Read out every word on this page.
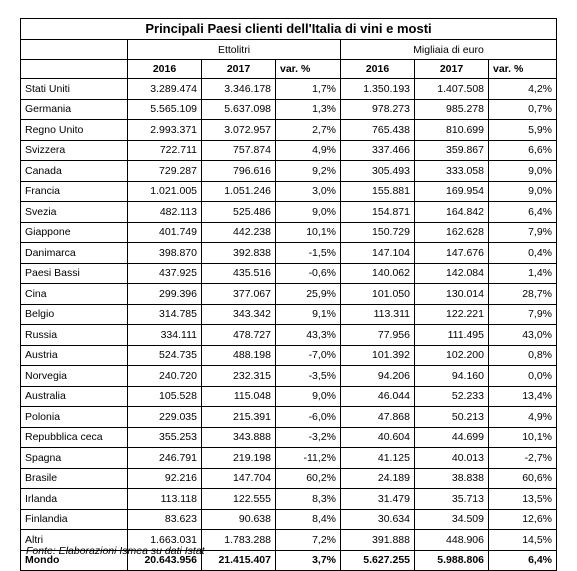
Principali Paesi clienti dell'Italia di vini e mosti						
	Ettolitri			Migliaia di euro		
	2016	2017	var. %	2016	2017	var. %
Stati Uniti	3.289.474	3.346.178	1,7%	1.350.193	1.407.508	4,2%
Germania	5.565.109	5.637.098	1,3%	978.273	985.278	0,7%
Regno Unito	2.993.371	3.072.957	2,7%	765.438	810.699	5,9%
Svizzera	722.711	757.874	4,9%	337.466	359.867	6,6%
Canada	729.287	796.616	9,2%	305.493	333.058	9,0%
Francia	1.021.005	1.051.246	3,0%	155.881	169.954	9,0%
Svezia	482.113	525.486	9,0%	154.871	164.842	6,4%
Giappone	401.749	442.238	10,1%	150.729	162.628	7,9%
Danimarca	398.870	392.838	-1,5%	147.104	147.676	0,4%
Paesi Bassi	437.925	435.516	-0,6%	140.062	142.084	1,4%
Cina	299.396	377.067	25,9%	101.050	130.014	28,7%
Belgio	314.785	343.342	9,1%	113.311	122.221	7,9%
Russia	334.111	478.727	43,3%	77.956	111.495	43,0%
Austria	524.735	488.198	-7,0%	101.392	102.200	0,8%
Norvegia	240.720	232.315	-3,5%	94.206	94.160	0,0%
Australia	105.528	115.048	9,0%	46.044	52.233	13,4%
Polonia	229.035	215.391	-6,0%	47.868	50.213	4,9%
Repubblica ceca	355.253	343.888	-3,2%	40.604	44.699	10,1%
Spagna	246.791	219.198	-11,2%	41.125	40.013	-2,7%
Brasile	92.216	147.704	60,2%	24.189	38.838	60,6%
Irlanda	113.118	122.555	8,3%	31.479	35.713	13,5%
Finlandia	83.623	90.638	8,4%	30.634	34.509	12,6%
Altri	1.663.031	1.783.288	7,2%	391.888	448.906	14,5%
Mondo	20.643.956	21.415.407	3,7%	5.627.255	5.988.806	6,4%
Fonte: Elaborazioni Ismea su dati Istat
